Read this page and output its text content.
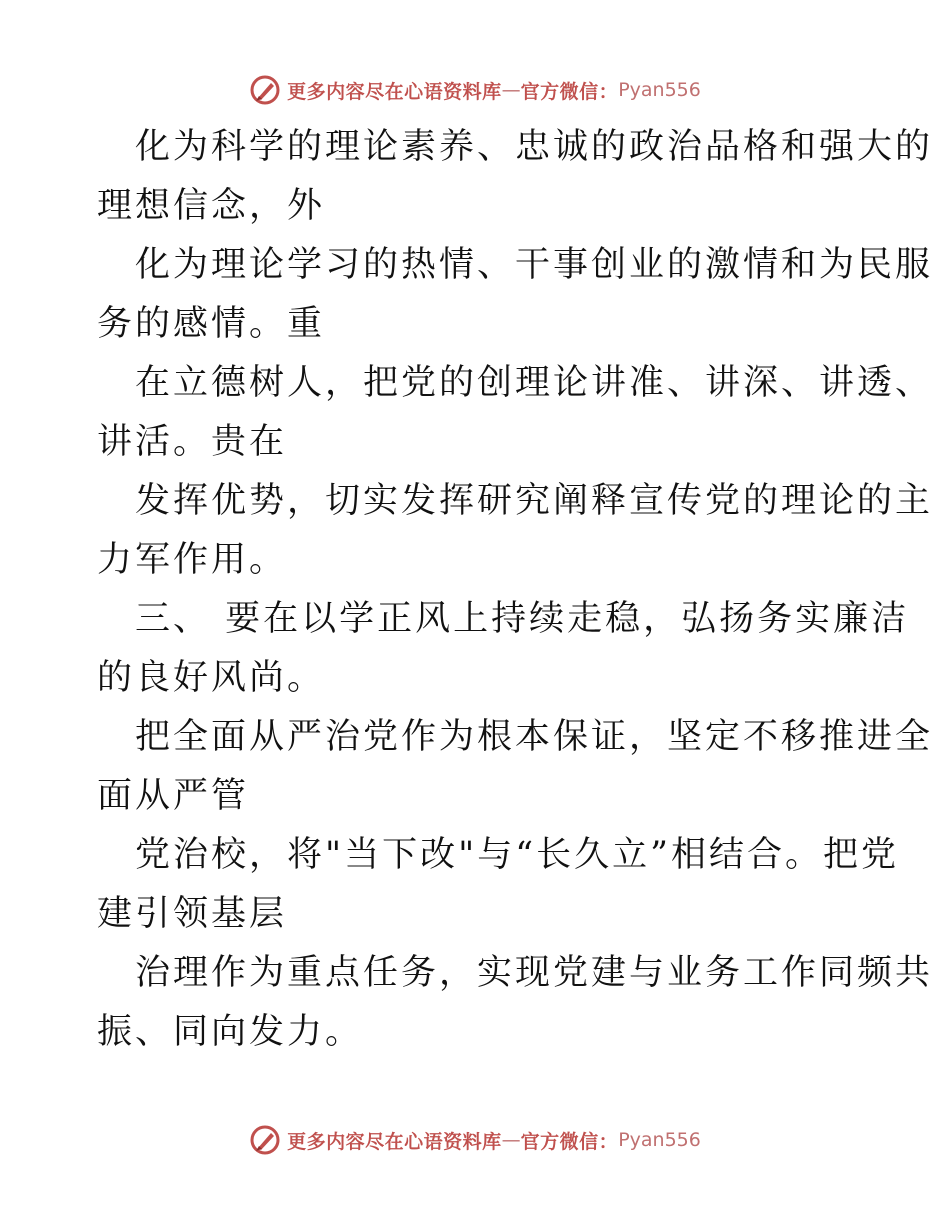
更多内容尽在心语资料库 — 官方微信： Pyan556

化为科学的理论素养、忠诚的政治品格和强大的
理想信念，外

化为理论学习的热情、干事创业的激情和为民服
务的感情。重

在立德树人，把党的创理论讲准、讲深、讲透、
讲活。贵在

发挥优势，切实发挥研究阐释宣传党的理论的主
力军作用。

三、 要在以学正风上持续走稳，弘扬务实廉洁
的良好风尚。

把全面从严治党作为根本保证，坚定不移推进全
面从严管

党治校，将"当下改"与“长久立”相结合。把党
建引领基层

治理作为重点任务，实现党建与业务工作同频共
振、同向发力。

更多内容尽在心语资料库 — 官方微信： Pyan556
